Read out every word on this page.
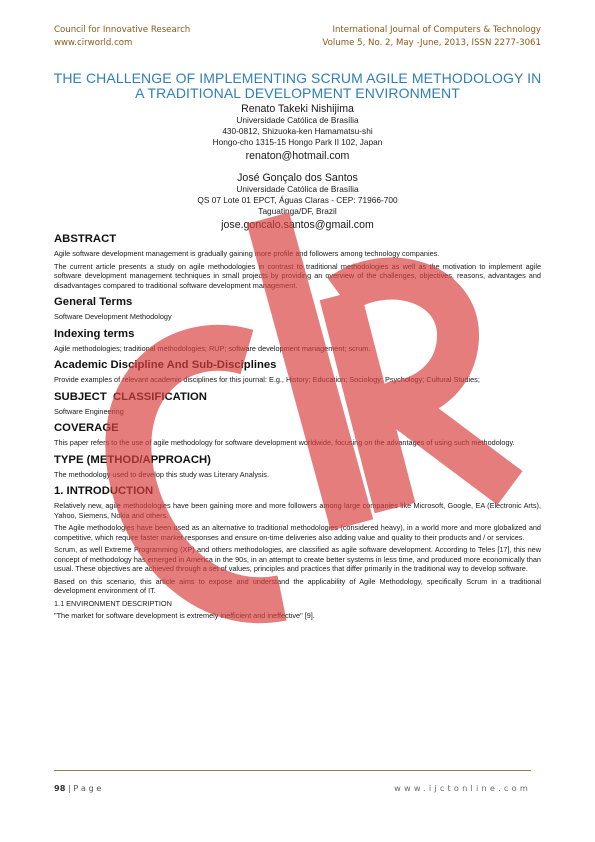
Council for Innovative Research
www.cirworld.com
International Journal of Computers & Technology
Volume 5, No. 2, May -June, 2013, ISSN 2277-3061
THE CHALLENGE OF IMPLEMENTING SCRUM AGILE METHODOLOGY IN
A TRADITIONAL DEVELOPMENT ENVIRONMENT
Renato Takeki Nishijima
Universidade Católica de Brasília
430-0812, Shizuoka-ken Hamamatsu-shi
Hongo-cho 1315-15 Hongo Park II 102, Japan
renaton@hotmail.com
José Gonçalo dos Santos
Universidade Católica de Brasília
QS 07 Lote 01 EPCT, Águas Claras - CEP: 71966-700
Taguatinga/DF, Brazil
jose.goncalo.santos@gmail.com
ABSTRACT

Agile software development management is gradually gaining more profile and followers among technology companies.

The current article presents a study on agile methodologies in contrast to traditional methodologies as well as the motivation to implement agile software development management techniques in small projects by providing an overview of the challenges, objectives, reasons, advantages and disadvantages compared to traditional software development management.

General Terms

Software Development Methodology

Indexing terms

Agile methodologies; traditional methodologies; RUP; software development management; scrum.

Academic Discipline And Sub-Disciplines

Provide examples of relevant academic disciplines for this journal: E.g., History; Education; Sociology; Psychology; Cultural Studies;

SUBJECT  CLASSIFICATION

Software Engineering

COVERAGE

This paper refers to the use of agile methodology for software development worldwide, focusing on the advantages of using such methodology.

TYPE (METHOD/APPROACH)

The methodology used to develop this study was Literary Analysis.

1. INTRODUCTION

Relatively new, agile methodologies have been gaining more and more followers among large companies like Microsoft, Google, EA (Electronic Arts), Yahoo, Siemens, Nokia and others.

The Agile methodologies have been used as an alternative to traditional methodologies (considered heavy), in a world more and more globalized and competitive, which require faster market responses and ensure on-time deliveries also adding value and quality to their products and / or services.

Scrum, as well Extreme Programming (XP) and others methodologies, are classified as agile software development. According to Teles [17], this new concept of methodology has emerged in America in the 90s, in an attempt to create better systems in less time, and produced more economically than usual. These objectives are achieved through a set of values, principles and practices that differ primarily in the traditional way to develop software.

Based on this scenario, this article aims to expose and understand the applicability of Agile Methodology, specifically Scrum in a traditional development environment of IT.

1.1 ENVIRONMENT DESCRIPTION

"The market for software development is extremely inefficient and ineffective" [9].

98 | P a g e	www.ijctonline.com
